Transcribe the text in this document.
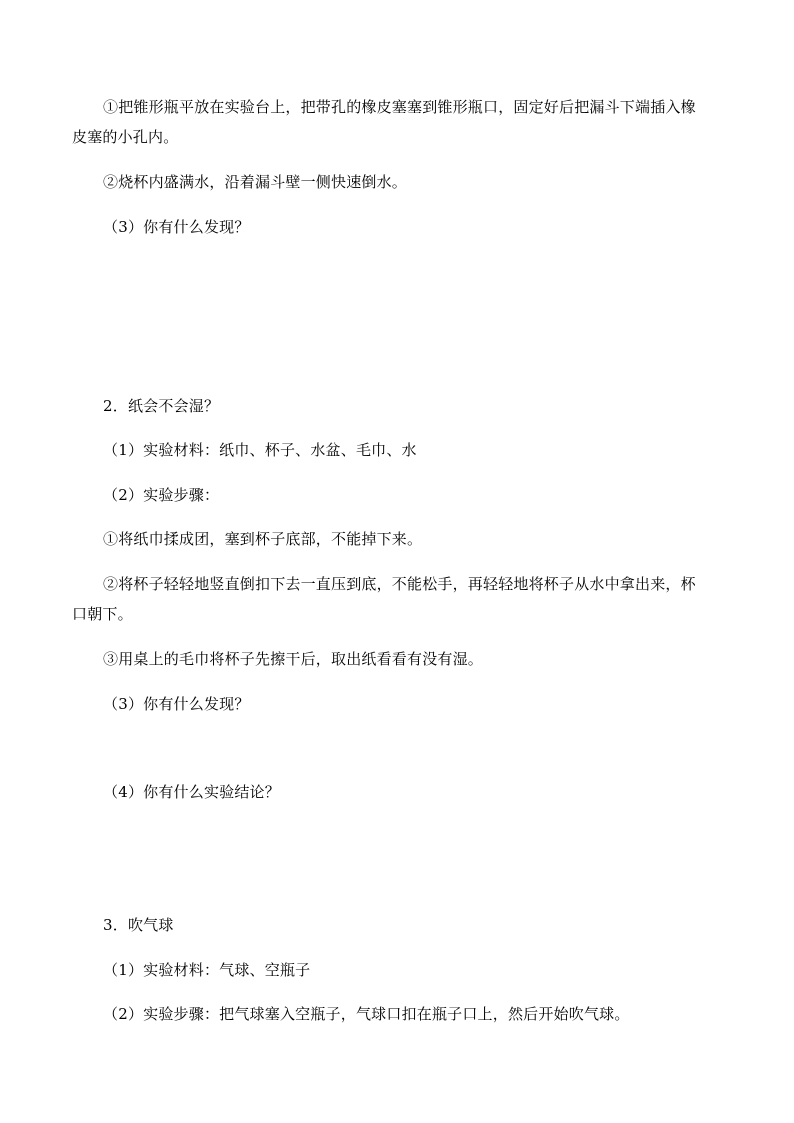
①把锥形瓶平放在实验台上，把带孔的橡皮塞塞到锥形瓶口，固定好后把漏斗下端插入橡
皮塞的小孔内。
②烧杯内盛满水，沿着漏斗壁一侧快速倒水。
（3）你有什么发现？
2．纸会不会湿？
（1）实验材料：纸巾、杯子、水盆、毛巾、水
（2）实验步骤：
①将纸巾揉成团，塞到杯子底部，不能掉下来。
②将杯子轻轻地竖直倒扣下去一直压到底，不能松手，再轻轻地将杯子从水中拿出来，杯
口朝下。
③用桌上的毛巾将杯子先擦干后，取出纸看看有没有湿。
（3）你有什么发现？
（4）你有什么实验结论？
3．吹气球
（1）实验材料：气球、空瓶子
（2）实验步骤：把气球塞入空瓶子，气球口扣在瓶子口上，然后开始吹气球。
